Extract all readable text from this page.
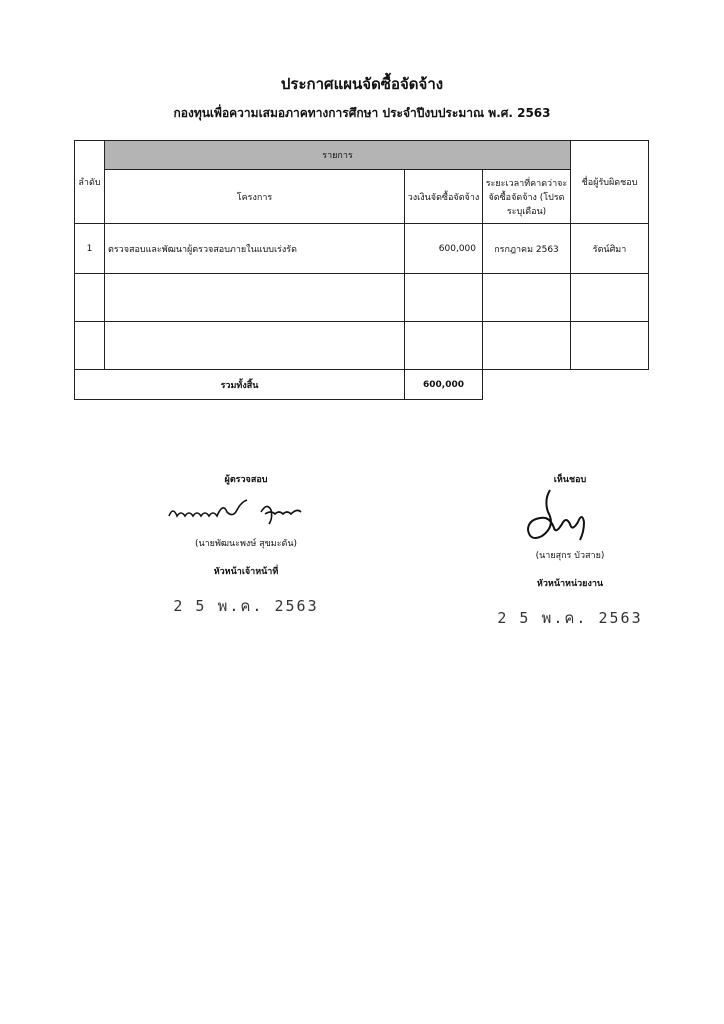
ประกาศแผนจัดซื้อจัดจ้าง
กองทุนเพื่อความเสมอภาคทางการศึกษา ประจำปีงบประมาณ พ.ศ. 2563
ลำดับ	รายการ			ชื่อผู้รับผิดชอบ
	โครงการ	วงเงินจัดซื้อจัดจ้าง	ระยะเวลาที่คาดว่าจะจัดซื้อจัดจ้าง (โปรดระบุเดือน)	
1	ตรวจสอบและพัฒนาผู้ตรวจสอบภายในแบบเร่งรัด	600,000	กรกฎาคม 2563	รัตน์ศิมา

รวมทั้งสิ้น		600,000		
ผู้ตรวจสอบ
(นายพัฒนะพงษ์ สุขมะดัน)
หัวหน้าเจ้าหน้าที่
2 5 พ.ค. 2563
เห็นชอบ
(นายสุกร บัวสาย)
หัวหน้าหน่วยงาน
2 5 พ.ค. 2563
